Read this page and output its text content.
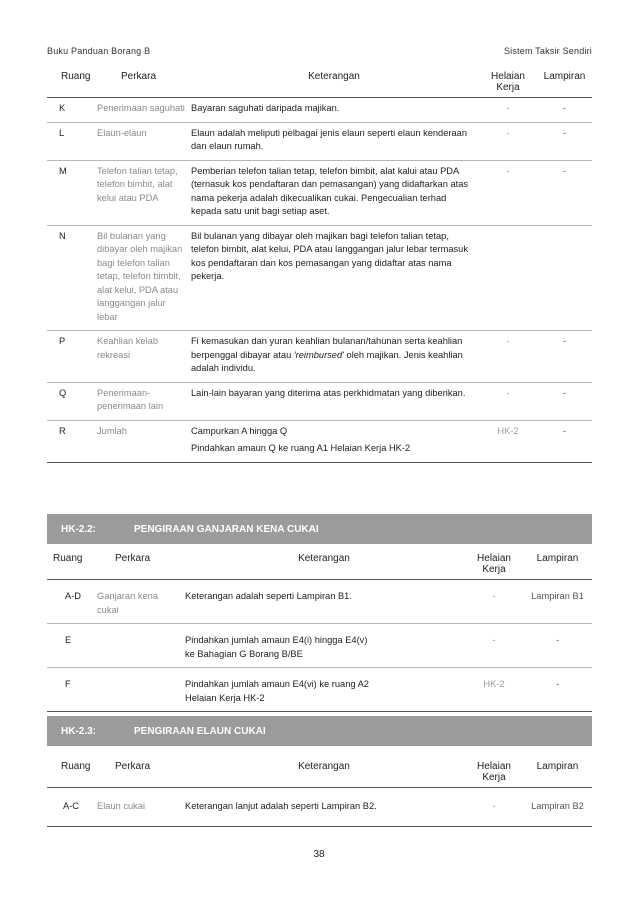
Buku Panduan Borang B	Sistem Taksir Sendiri
Ruang	Perkara	Keterangan	Helaian Kerja	Lampiran
K	Penerimaan saguhati	Bayaran saguhati daripada majikan.	-	-
L	Elaun-elaun	Elaun adalah meliputi pelbagai jenis elaun seperti elaun kenderaan dan elaun rumah.	-	-
M	Telefon talian tetap, telefon bimbit, alat kelui atau PDA	Pemberian telefon talian tetap, telefon bimbit, alat kalui atau PDA (ternasuk kos pendaftaran dan pemasangan) yang didaftarkan atas nama pekerja adalah dikecualikan cukai. Pengecualian terhad kepada satu unit bagi setiap aset.	-	-
N	Bil bulanan yang dibayar oleh majikan bagi telefon talian tetap, telefon bimbit, alat kelui, PDA atau langgangan jalur lebar	Bil bulanan yang dibayar oleh majikan bagi telefon talian tetap, telefon bimbit, alat kelui, PDA atau langgangan jalur lebar termasuk kos pendaftaran dan kos pemasangan yang didaftar atas nama pekerja.		
P	Keahlian kelab rekreasi	Fi kemasukan dan yuran keahlian bulanan/tahunan serta keahlian berpenggal dibayar atau 'reimbursed' oleh majikan. Jenis keahlian adalah individu.	-	-
Q	Penerimaan-penerimaan lain	Lain-lain bayaran yang diterima atas perkhidmatan yang diberikan.	-	-
R	Jumlah	Campurkan A hingga Q
Pindahkan amaun Q ke ruang A1 Helaian Kerja HK-2	HK-2	-
HK-2.2:	PENGIRAAN GANJARAN KENA CUKAI
Ruang	Perkara	Keterangan	Helaian Kerja	Lampiran
A-D	Ganjaran kena cukai	Keterangan adalah seperti Lampiran B1.	-	Lampiran B1
E		Pindahkan jumlah amaun E4(i) hingga E4(v)
ke Bahagian G Borang B/BE	-	-
F		Pindahkan jumlah amaun E4(vi) ke ruang A2
Helaian Kerja HK-2	HK-2	-
HK-2.3:	PENGIRAAN ELAUN CUKAI
Ruang	Perkara	Keterangan	Helaian Kerja	Lampiran
A-C	Elaun cukai	Keterangan lanjut adalah seperti Lampiran B2.	-	Lampiran B2
38
